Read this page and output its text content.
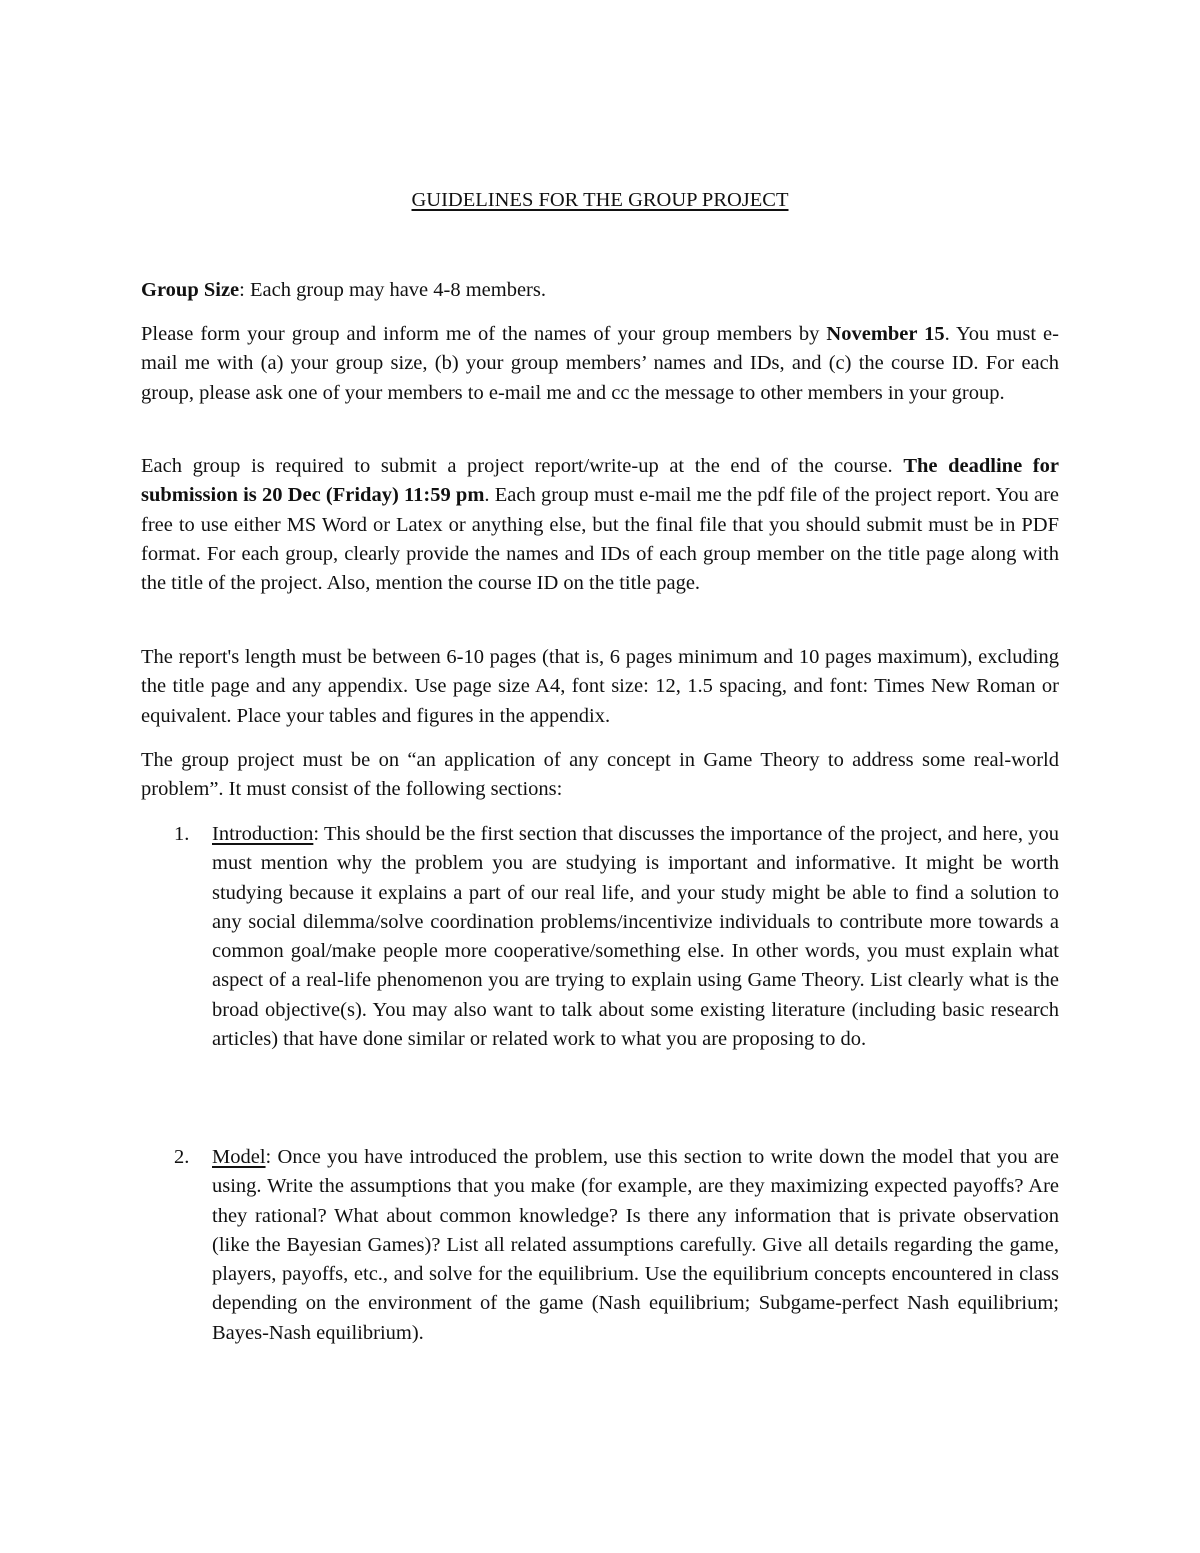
GUIDELINES FOR THE GROUP PROJECT

Group Size: Each group may have 4-8 members.

Please form your group and inform me of the names of your group members by November 15. You must e-mail me with (a) your group size, (b) your group members’ names and IDs, and (c) the course ID. For each group, please ask one of your members to e-mail me and cc the message to other members in your group.

Each group is required to submit a project report/write-up at the end of the course. The deadline for submission is 20 Dec (Friday) 11:59 pm. Each group must e-mail me the pdf file of the project report. You are free to use either MS Word or Latex or anything else, but the final file that you should submit must be in PDF format. For each group, clearly provide the names and IDs of each group member on the title page along with the title of the project. Also, mention the course ID on the title page.

The report's length must be between 6-10 pages (that is, 6 pages minimum and 10 pages maximum), excluding the title page and any appendix. Use page size A4, font size: 12, 1.5 spacing, and font: Times New Roman or equivalent. Place your tables and figures in the appendix.

The group project must be on “an application of any concept in Game Theory to address some real-world problem”. It must consist of the following sections:

1. Introduction: This should be the first section that discusses the importance of the project, and here, you must mention why the problem you are studying is important and informative. It might be worth studying because it explains a part of our real life, and your study might be able to find a solution to any social dilemma/solve coordination problems/incentivize individuals to contribute more towards a common goal/make people more cooperative/something else. In other words, you must explain what aspect of a real-life phenomenon you are trying to explain using Game Theory. List clearly what is the broad objective(s). You may also want to talk about some existing literature (including basic research articles) that have done similar or related work to what you are proposing to do.
2. Model: Once you have introduced the problem, use this section to write down the model that you are using. Write the assumptions that you make (for example, are they maximizing expected payoffs? Are they rational? What about common knowledge? Is there any information that is private observation (like the Bayesian Games)? List all related assumptions carefully. Give all details regarding the game, players, payoffs, etc., and solve for the equilibrium. Use the equilibrium concepts encountered in class depending on the environment of the game (Nash equilibrium; Subgame-perfect Nash equilibrium; Bayes-Nash equilibrium).
